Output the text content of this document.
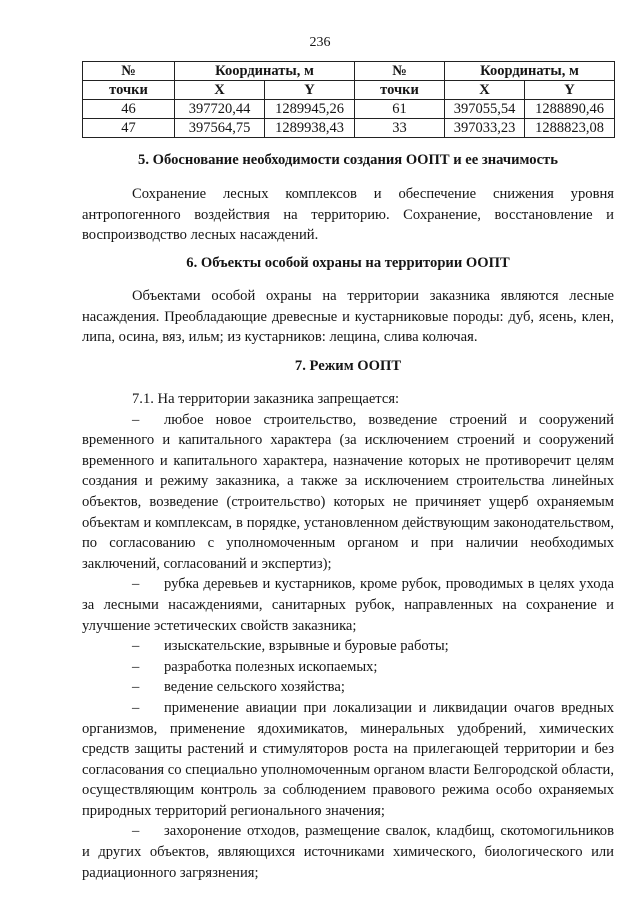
236
№	Координаты, м		№	Координаты, м	
точки	X	Y	точки	X	Y
46	397720,44	1289945,26	61	397055,54	1288890,46
47	397564,75	1289938,43	33	397033,23	1288823,08
5. Обоснование необходимости создания ООПТ и ее значимость

Сохранение лесных комплексов и обеспечение снижения уровня антропогенного воздействия на территорию. Сохранение, восстановление и воспроизводство лесных насаждений.

6. Объекты особой охраны на территории ООПТ

Объектами особой охраны на территории заказника являются лесные насаждения. Преобладающие древесные и кустарниковые породы: дуб, ясень, клен, липа, осина, вяз, ильм; из кустарников: лещина, слива колючая.

7. Режим ООПТ

7.1. На территории заказника запрещается:

– любое новое строительство, возведение строений и сооружений временного и капитального характера (за исключением строений и сооружений временного и капитального характера, назначение которых не противоречит целям создания и режиму заказника, а также за исключением строительства линейных объектов, возведение (строительство) которых не причиняет ущерб охраняемым объектам и комплексам, в порядке, установленном действующим законодательством, по согласованию с уполномоченным органом и при наличии необходимых заключений, согласований и экспертиз);
– рубка деревьев и кустарников, кроме рубок, проводимых в целях ухода за лесными насаждениями, санитарных рубок, направленных на сохранение и улучшение эстетических свойств заказника;
– изыскательские, взрывные и буровые работы;
– разработка полезных ископаемых;
– ведение сельского хозяйства;
– применение авиации при локализации и ликвидации очагов вредных организмов, применение ядохимикатов, минеральных удобрений, химических средств защиты растений и стимуляторов роста на прилегающей территории и без согласования со специально уполномоченным органом власти Белгородской области, осуществляющим контроль за соблюдением правового режима особо охраняемых природных территорий регионального значения;
– захоронение отходов, размещение свалок, кладбищ, скотомогильников и других объектов, являющихся источниками химического, биологического или радиационного загрязнения;
